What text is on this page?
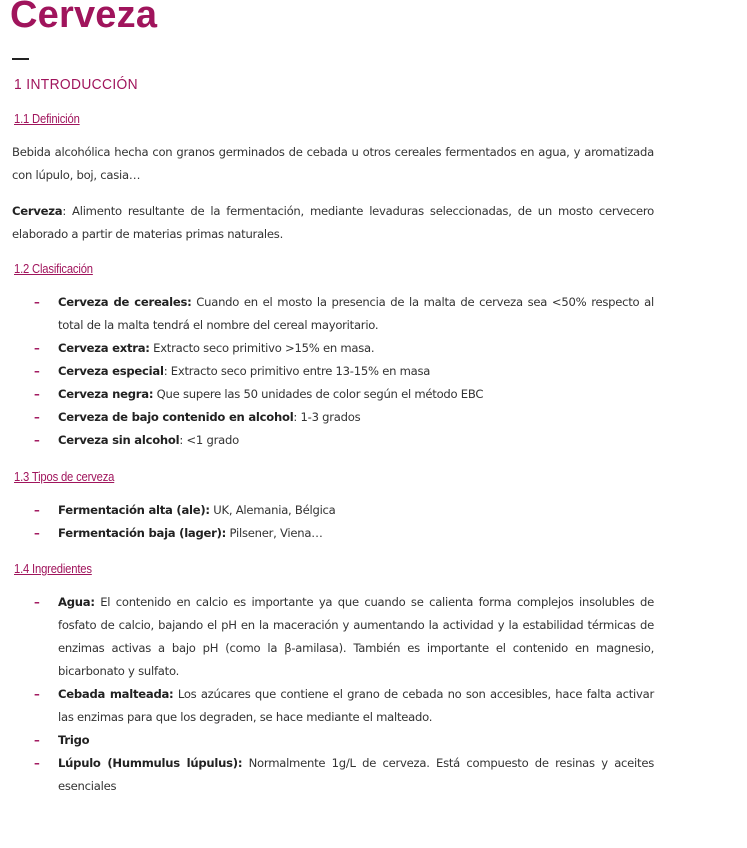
Cerveza
1 INTRODUCCIÓN
1.1 Definición

Bebida alcohólica hecha con granos germinados de cebada u otros cereales fermentados en agua, y aromatizada con lúpulo, boj, casia…

Cerveza: Alimento resultante de la fermentación, mediante levaduras seleccionadas, de un mosto cervecero elaborado a partir de materias primas naturales.

1.2 Clasificación
– Cerveza de cereales: Cuando en el mosto la presencia de la malta de cerveza sea <50% respecto al total de la malta tendrá el nombre del cereal mayoritario.
– Cerveza extra: Extracto seco primitivo >15% en masa.
– Cerveza especial: Extracto seco primitivo entre 13-15% en masa
– Cerveza negra: Que supere las 50 unidades de color según el método EBC
– Cerveza de bajo contenido en alcohol: 1-3 grados
– Cerveza sin alcohol: <1 grado
1.3 Tipos de cerveza
– Fermentación alta (ale): UK, Alemania, Bélgica
– Fermentación baja (lager): Pilsener, Viena…
1.4 Ingredientes
– Agua: El contenido en calcio es importante ya que cuando se calienta forma complejos insolubles de fosfato de calcio, bajando el pH en la maceración y aumentando la actividad y la estabilidad térmicas de enzimas activas a bajo pH (como la β-amilasa). También es importante el contenido en magnesio, bicarbonato y sulfato.
– Cebada malteada: Los azúcares que contiene el grano de cebada no son accesibles, hace falta activar las enzimas para que los degraden, se hace mediante el malteado.
– Trigo
– Lúpulo (Hummulus lúpulus): Normalmente 1g/L de cerveza. Está compuesto de resinas y aceites esenciales
